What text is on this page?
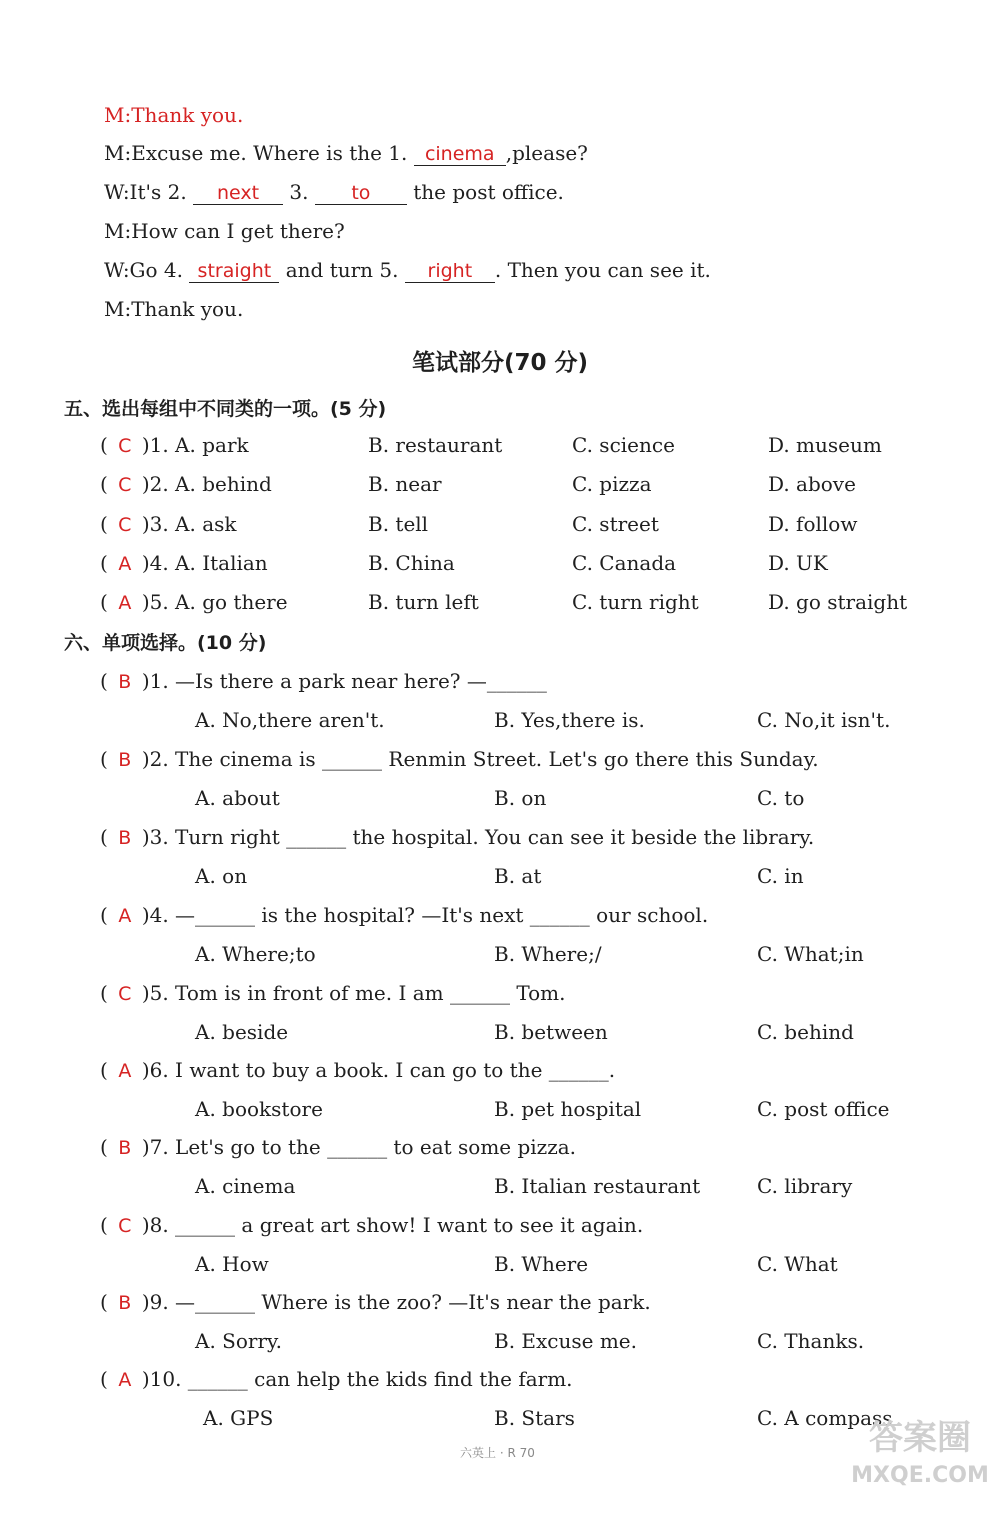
M:Thank you.
M:Excuse me. Where is the 1. cinema ,please?
W:It's 2. next 3. to the post office.
M:How can I get there?
W:Go 4. straight and turn 5. right . Then you can see it.
M:Thank you.
笔试部分(70 分)
五、选出每组中不同类的一项。(5 分)
( C )1. A. park	B. restaurant	C. science	D. museum
( C )2. A. behind	B. near	C. pizza	D. above
( C )3. A. ask	B. tell	C. street	D. follow
( A )4. A. Italian	B. China	C. Canada	D. UK
( A )5. A. go there	B. turn left	C. turn right	D. go straight
六、单项选择。(10 分)
( B )1. —Is there a park near here? —______
A. No,there aren't.	B. Yes,there is.	C. No,it isn't.
( B )2. The cinema is ______ Renmin Street. Let's go there this Sunday.
A. about	B. on	C. to
( B )3. Turn right ______ the hospital. You can see it beside the library.
A. on	B. at	C. in
( A )4. —______ is the hospital? —It's next ______ our school.
A. Where;to	B. Where;/	C. What;in
( C )5. Tom is in front of me. I am ______ Tom.
A. beside	B. between	C. behind
( A )6. I want to buy a book. I can go to the ______.
A. bookstore	B. pet hospital	C. post office
( B )7. Let's go to the ______ to eat some pizza.
A. cinema	B. Italian restaurant	C. library
( C )8. ______ a great art show! I want to see it again.
A. How	B. Where	C. What
( B )9. —______ Where is the zoo? —It's near the park.
A. Sorry.	B. Excuse me.	C. Thanks.
( A )10. ______ can help the kids find the farm.
A. GPS	B. Stars	C. A compass
六英上 · R 70	答案圈
MXQE.COM
